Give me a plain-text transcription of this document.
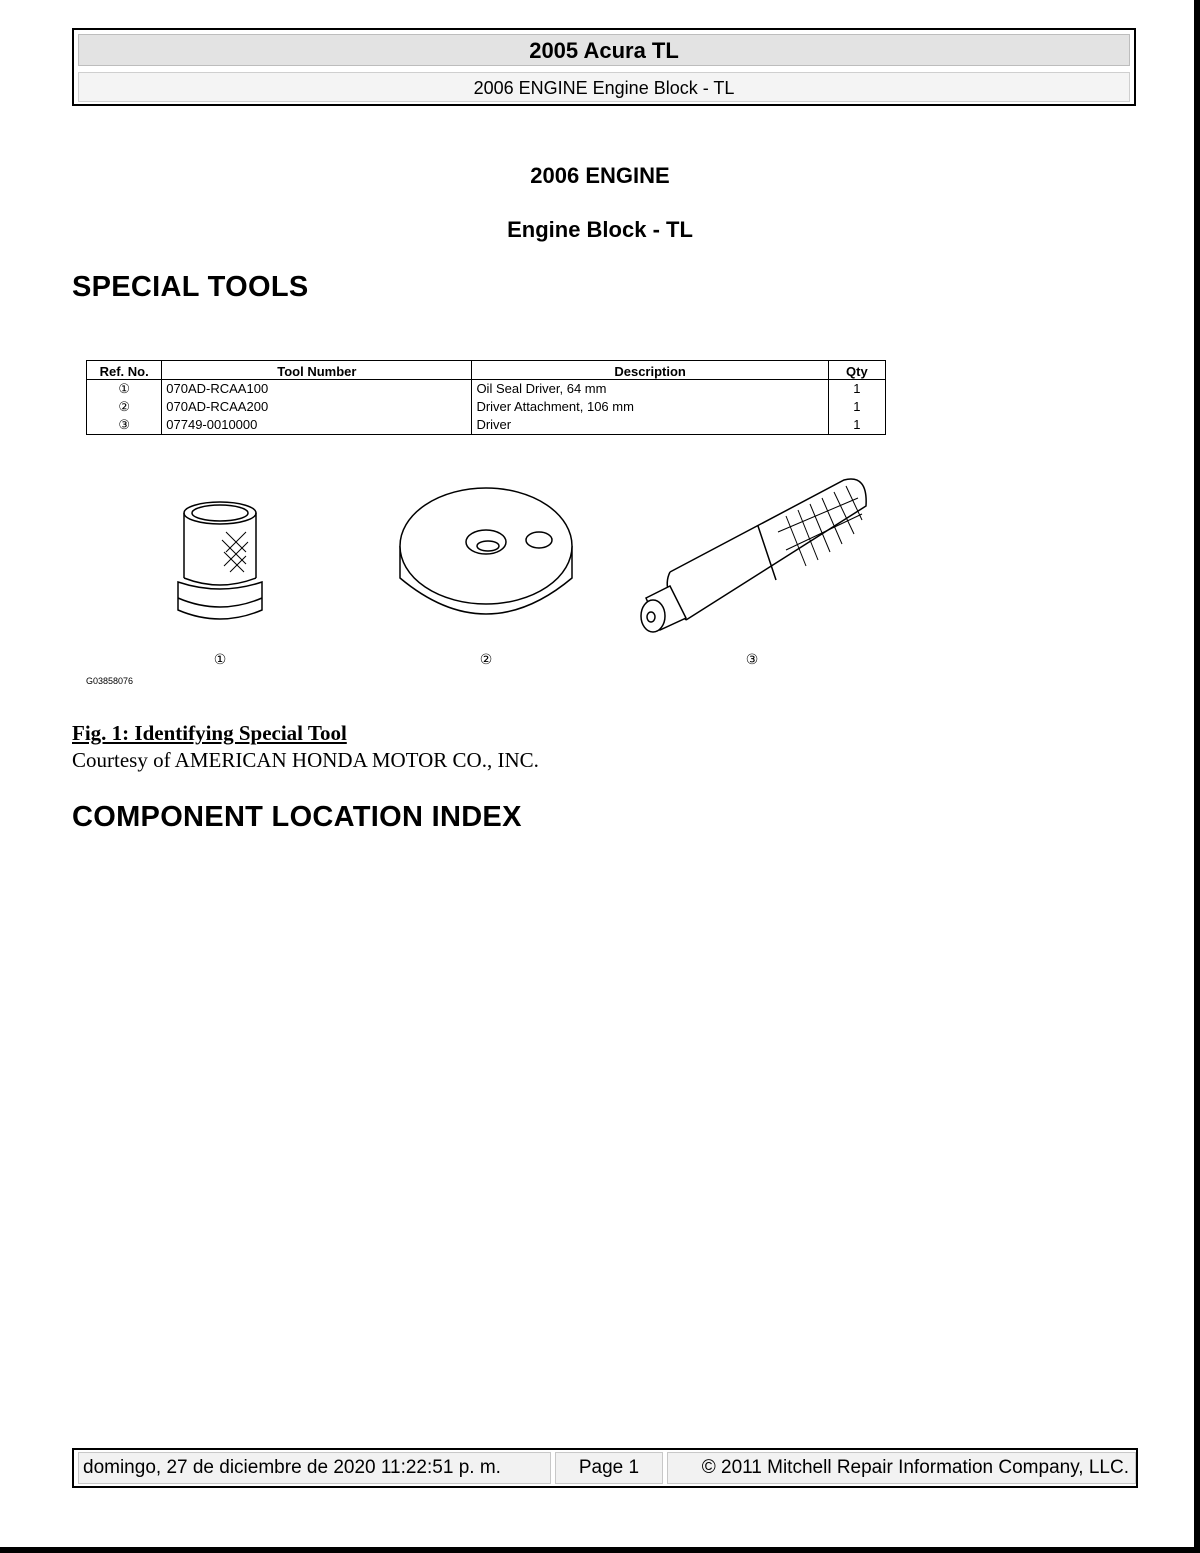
2005 Acura TL
2006 ENGINE Engine Block - TL
2006 ENGINE
Engine Block - TL
SPECIAL TOOLS
Ref. No.	Tool Number	Description	Qty
①	070AD-RCAA100	Oil Seal Driver, 64 mm	1
②	070AD-RCAA200	Driver Attachment, 106 mm	1
③	07749-0010000	Driver	1
①	②	③
G03858076
Fig. 1: Identifying Special Tool
Courtesy of AMERICAN HONDA MOTOR CO., INC.
COMPONENT LOCATION INDEX
domingo, 27 de diciembre de 2020 11:22:51 p. m.	Page 1	© 2011 Mitchell Repair Information Company, LLC.
